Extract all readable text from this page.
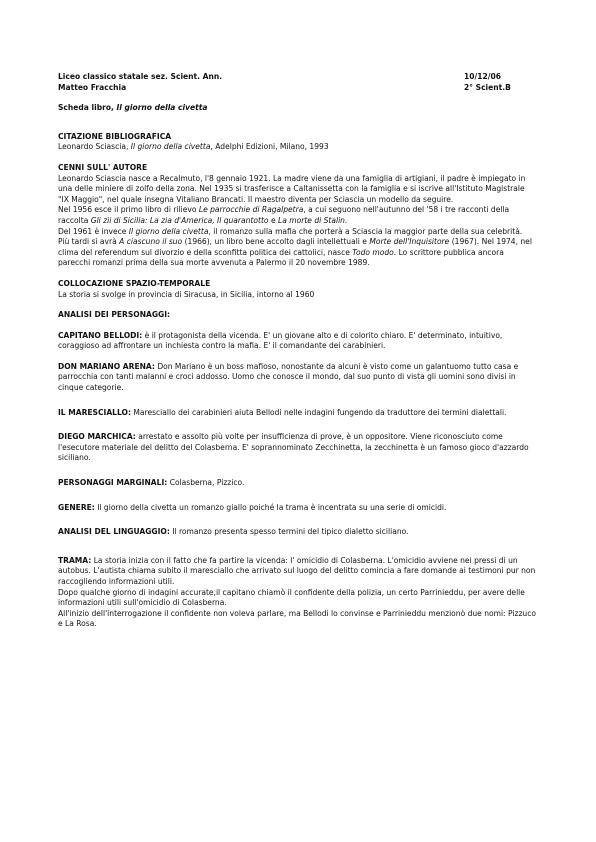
Liceo classico statale sez. Scient. Ann.	10/12/06
Matteo Fracchia	2° Scient.B

Scheda libro, Il giorno della civetta

CITAZIONE BIBLIOGRAFICA

Leonardo Sciascia, Il giorno della civetta, Adelphi Edizioni, Milano, 1993

CENNI SULL' AUTORE

Leonardo Sciascia nasce a Recalmuto, l'8 gennaio 1921. La madre viene da una famiglia di artigiani, il padre è impiegato in una delle miniere di zolfo della zona. Nel 1935 si trasferisce a Caltanissetta con la famiglia e si iscrive all'Istituto Magistrale "IX Maggio", nel quale insegna Vitaliano Brancati. Il maestro diventa per Sciascia un modello da seguire.

Nel 1956 esce il primo libro di rilievo Le parrocchie di Ragalpetra, a cui seguono nell'autunno del '58 i tre racconti della raccolta Gli zii di Sicilia: La zia d'America, Il quarantotto e La morte di Stalin.

Del 1961 è invece Il giorno della civetta, il romanzo sulla mafia che porterà a Sciascia la maggior parte della sua celebrità.

Più tardi si avrà A ciascuno il suo (1966), un libro bene accolto dagli intellettuali e Morte dell'Inquisitore (1967). Nel 1974, nel clima del referendum sul divorzio e della sconfitta politica dei cattolici, nasce Todo modo. Lo scrittore pubblica ancora parecchi romanzi prima della sua morte avvenuta a Palermo il 20 novembre 1989.

COLLOCAZIONE SPAZIO-TEMPORALE

La storia si svolge in provincia di Siracusa, in Sicilia, intorno al 1960

ANALISI DEI PERSONAGGI:

CAPITANO BELLODI: è il protagonista della vicenda. E' un giovane alto e di colorito chiaro. E' determinato, intuitivo, coraggioso ad affrontare un inchiesta contro la mafia. E' il comandante dei carabinieri.

DON MARIANO ARENA: Don Mariano è un boss mafioso, nonostante da alcuni è visto come un galantuomo tutto casa e parrocchia con tanti malanni e croci addosso. Uomo che conosce il mondo, dal suo punto di vista gli uomini sono divisi in cinque categorie.

IL MARESCIALLO: Maresciallo dei carabinieri aiuta Bellodi nelle indagini fungendo da traduttore dei termini dialettali.

DIEGO MARCHICA: arrestato e assolto più volte per insufficienza di prove, è un oppositore. Viene riconosciuto come l'esecutore materiale del delitto del Colasberna. E' soprannominato Zecchinetta, la zecchinetta è un famoso gioco d'azzardo siciliano.

PERSONAGGI MARGINALI: Colasberna, Pizzico.

GENERE: Il giorno della civetta un romanzo giallo poiché la trama è incentrata su una serie di omicidi.

ANALISI DEL LINGUAGGIO: Il romanzo presenta spesso termini del tipico dialetto siciliano.

TRAMA: La storia inizia con il fatto che fa partire la vicenda: l' omicidio di Colasberna. L'omicidio avviene nei pressi di un autobus. L'autista chiama subito il maresciallo che arrivato sul luogo del delitto comincia a fare domande ai testimoni pur non raccogliendo informazioni utili.

Dopo qualche giorno di indagini accurate,il capitano chiamò il confidente della polizia, un certo Parrinieddu, per avere delle informazioni utili sull'omicidio di Colasberna.

All'inizio dell'interrogazione il confidente non voleva parlare, ma Bellodi lo convinse e Parrinieddu menzionò due nomi: Pizzuco e La Rosa.
